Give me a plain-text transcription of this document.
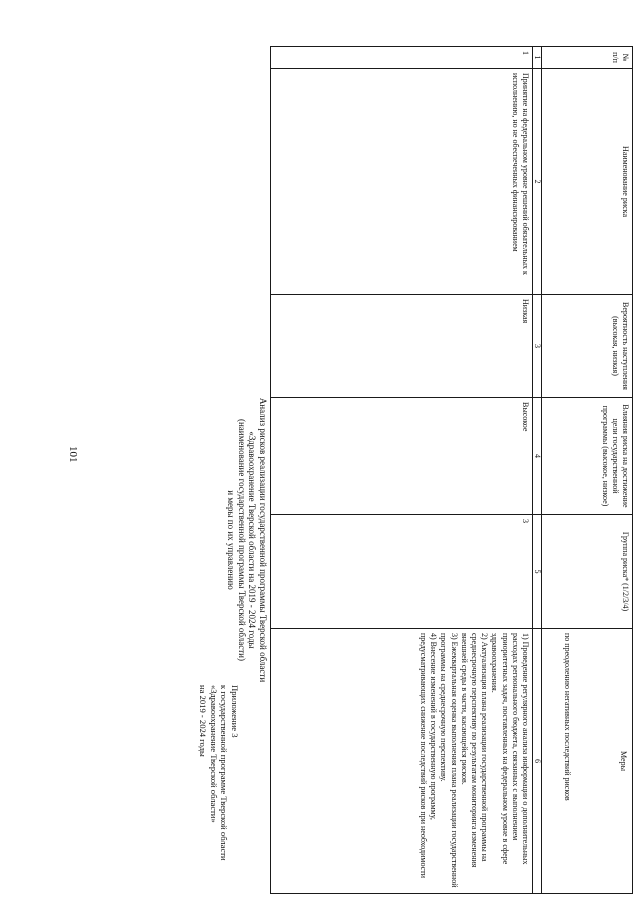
101
Приложение 3
к государственной программе Тверской области
«Здравоохранение Тверской области»
на 2019 - 2024 годы
Анализ рисков реализации государственной программы Тверской области
«Здравоохранение Тверской области на 2019 - 2024 годы
(наименование государственной программы Тверской области)
и меры по их управлению
№ п/п	Наименование риска	Вероятность наступления (высокая, низкая)	Влияния риска на достижение цели государственной программы (высокое, низкое)	Группа риска* (1/2/3/4)	Меры
по преодолению негативных последствий рисков

1	2	3	4	5	6
1	Принятие на федеральном уровне решений обязательных к исполнению, но не обеспеченных финансированием	Низкая	Высокое	3	1) Проведение регулярного анализа информации о дополнительных расходах регионального бюджета, связанных с выполнением приоритетных задач, поставленных на федеральном уровне в сфере здравоохранения.
2) Актуализация плана реализации государственной программы на среднесрочную перспективу по результатам мониторинга изменения внешней среды в части, касающейся рисков.
3) Ежеквартальная оценка выполнения плана реализации государственной программы на среднесрочную перспективу.
4) Внесение изменений в государственную программу, предусматривающих снижение последствий рисков при необходимости
